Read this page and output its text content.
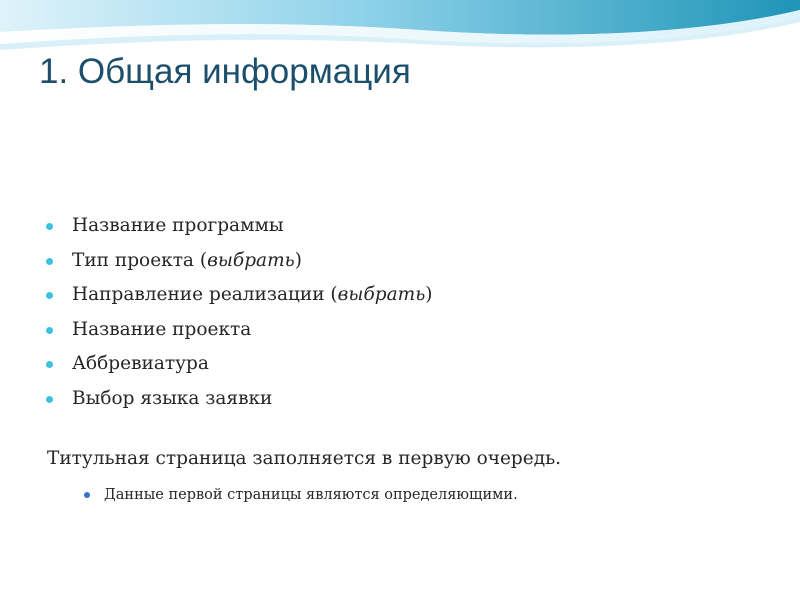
1. Общая информация
Название программы
Тип проекта (выбрать)
Направление реализации (выбрать)
Название проекта
Аббревиатура
Выбор языка заявки

Титульная страница заполняется в первую очередь.

Данные первой страницы являются определяющими.
